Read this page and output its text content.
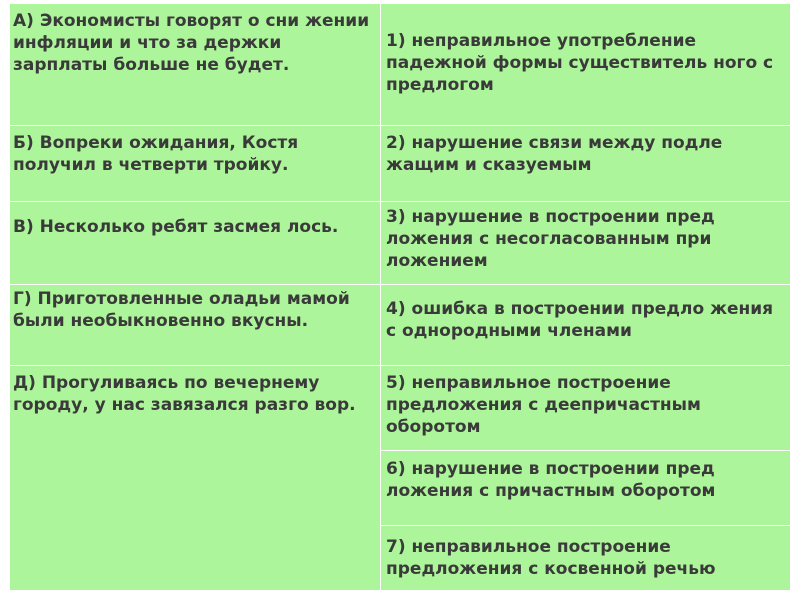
А) Экономисты говорят о сни жении инфляции и что за держки зарплаты больше не будет.
Б) Вопреки ожидания, Костя получил в четверти тройку.
В) Несколько ребят засмея лось.
Г) Приготовленные оладьи мамой были необыкновенно вкусны.
Д) Прогуливаясь по вечернему городу, у нас завязался разго вор.
1) неправильное употребление падежной формы существитель ного с предлогом
2) нарушение связи между подле жащим и сказуемым
3) нарушение в построении пред ложения с несогласованным при ложением
4) ошибка в построении предло жения с однородными членами
5) неправильное построение предложения с деепричастным оборотом
6) нарушение в построении пред ложения с причастным оборотом
7) неправильное построение предложения с косвенной речью
